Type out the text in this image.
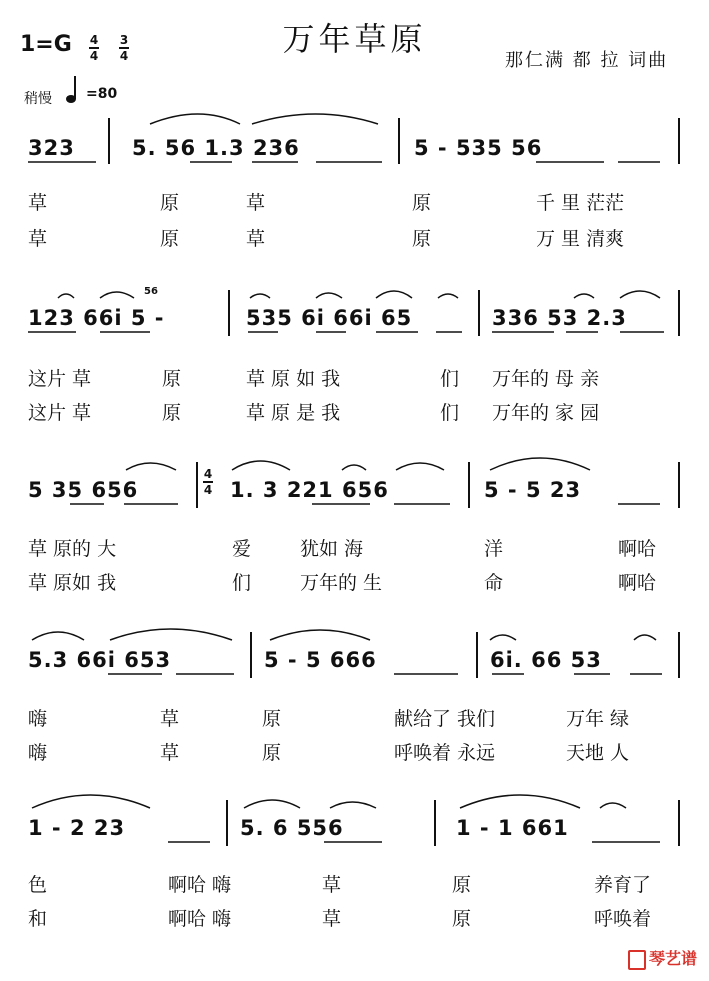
万年草原
1=G 4
4
3
4	那仁满 都 拉 词曲
稍慢 =80
323	5. 56 1.3 236	5 - 535 56
草	原	草	原	千 里 茫茫
草	原	草	原	万 里 清爽
123 66i 5 -
56
535 6i 66i 65	336 53 2.3
这片 草	原	草 原 如 我	们 万年的 母 亲
这片 草	原	草 原 是 我	们 万年的 家 园
5 35 656
4
4 1. 3 221 656	5 - 5 23
草 原的 大	爱	犹如 海	洋	啊哈
草 原如 我	们	万年的 生	命	啊哈
5.3 66i 653	5 - 5 666	6i. 66 53
嗨	草	原	献给了 我们	万年 绿
嗨	草	原	呼唤着 永远	天地 人
1 - 2 23	5. 6 556	1 - 1 661
色	啊哈 嗨	草	原	养育了
和	啊哈 嗨	草	原	呼唤着
琴艺谱
